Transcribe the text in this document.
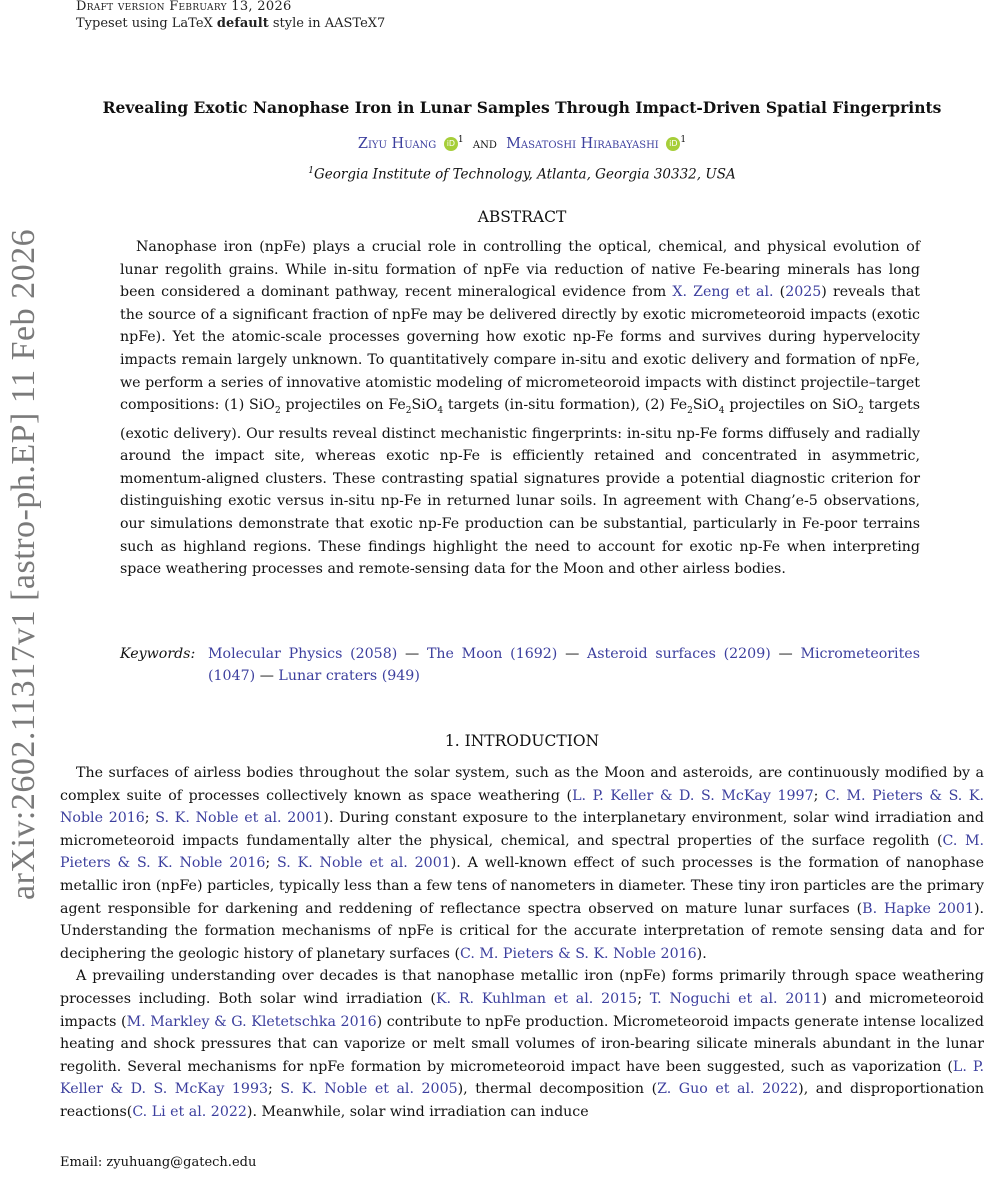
Draft version February 13, 2026
Typeset using LaTeX default style in AASTeX7
arXiv:2602.11317v1 [astro-ph.EP] 11 Feb 2026
Revealing Exotic Nanophase Iron in Lunar Samples Through Impact-Driven Spatial Fingerprints
Ziyu Huang iD $^1$ and Masatoshi Hirabayashi iD $^1$
$^1$Georgia Institute of Technology, Atlanta, Georgia 30332, USA
ABSTRACT

Nanophase iron (npFe) plays a crucial role in controlling the optical, chemical, and physical evolution of lunar regolith grains. While in-situ formation of npFe via reduction of native Fe-bearing minerals has long been considered a dominant pathway, recent mineralogical evidence from X. Zeng et al. (2025) reveals that the source of a significant fraction of npFe may be delivered directly by exotic micrometeoroid impacts (exotic npFe). Yet the atomic-scale processes governing how exotic np-Fe forms and survives during hypervelocity impacts remain largely unknown. To quantitatively compare in-situ and exotic delivery and formation of npFe, we perform a series of innovative atomistic modeling of micrometeoroid impacts with distinct projectile–target compositions: (1) SiO$_2$ projectiles on $Fe_2SiO_4$ targets (in-situ formation), (2) $Fe_2SiO_4$ projectiles on SiO$_2$ targets (exotic delivery). Our results reveal distinct mechanistic fingerprints: in-situ np-Fe forms diffusely and radially around the impact site, whereas exotic np-Fe is efficiently retained and concentrated in asymmetric, momentum-aligned clusters. These contrasting spatial signatures provide a potential diagnostic criterion for distinguishing exotic versus in-situ np-Fe in returned lunar soils. In agreement with Chang’e-5 observations, our simulations demonstrate that exotic np-Fe production can be substantial, particularly in Fe-poor terrains such as highland regions. These findings highlight the need to account for exotic np-Fe when interpreting space weathering processes and remote-sensing data for the Moon and other airless bodies.

Keywords: Molecular Physics (2058) — The Moon (1692) — Asteroid surfaces (2209) — Micrometeorites (1047) — Lunar craters (949)
1. INTRODUCTION

The surfaces of airless bodies throughout the solar system, such as the Moon and asteroids, are continuously modified by a complex suite of processes collectively known as space weathering (L. P. Keller & D. S. McKay 1997; C. M. Pieters & S. K. Noble 2016; S. K. Noble et al. 2001). During constant exposure to the interplanetary environment, solar wind irradiation and micrometeoroid impacts fundamentally alter the physical, chemical, and spectral properties of the surface regolith (C. M. Pieters & S. K. Noble 2016; S. K. Noble et al. 2001). A well-known effect of such processes is the formation of nanophase metallic iron (npFe) particles, typically less than a few tens of nanometers in diameter. These tiny iron particles are the primary agent responsible for darkening and reddening of reflectance spectra observed on mature lunar surfaces (B. Hapke 2001). Understanding the formation mechanisms of npFe is critical for the accurate interpretation of remote sensing data and for deciphering the geologic history of planetary surfaces (C. M. Pieters & S. K. Noble 2016).

A prevailing understanding over decades is that nanophase metallic iron (npFe) forms primarily through space weathering processes including. Both solar wind irradiation (K. R. Kuhlman et al. 2015; T. Noguchi et al. 2011) and micrometeoroid impacts (M. Markley & G. Kletetschka 2016) contribute to npFe production. Micrometeoroid impacts generate intense localized heating and shock pressures that can vaporize or melt small volumes of iron-bearing silicate minerals abundant in the lunar regolith. Several mechanisms for npFe formation by micrometeoroid impact have been suggested, such as vaporization (L. P. Keller & D. S. McKay 1993; S. K. Noble et al. 2005), thermal decomposition (Z. Guo et al. 2022), and disproportionation reactions(C. Li et al. 2022). Meanwhile, solar wind irradiation can induce

Email: zyuhuang@gatech.edu
